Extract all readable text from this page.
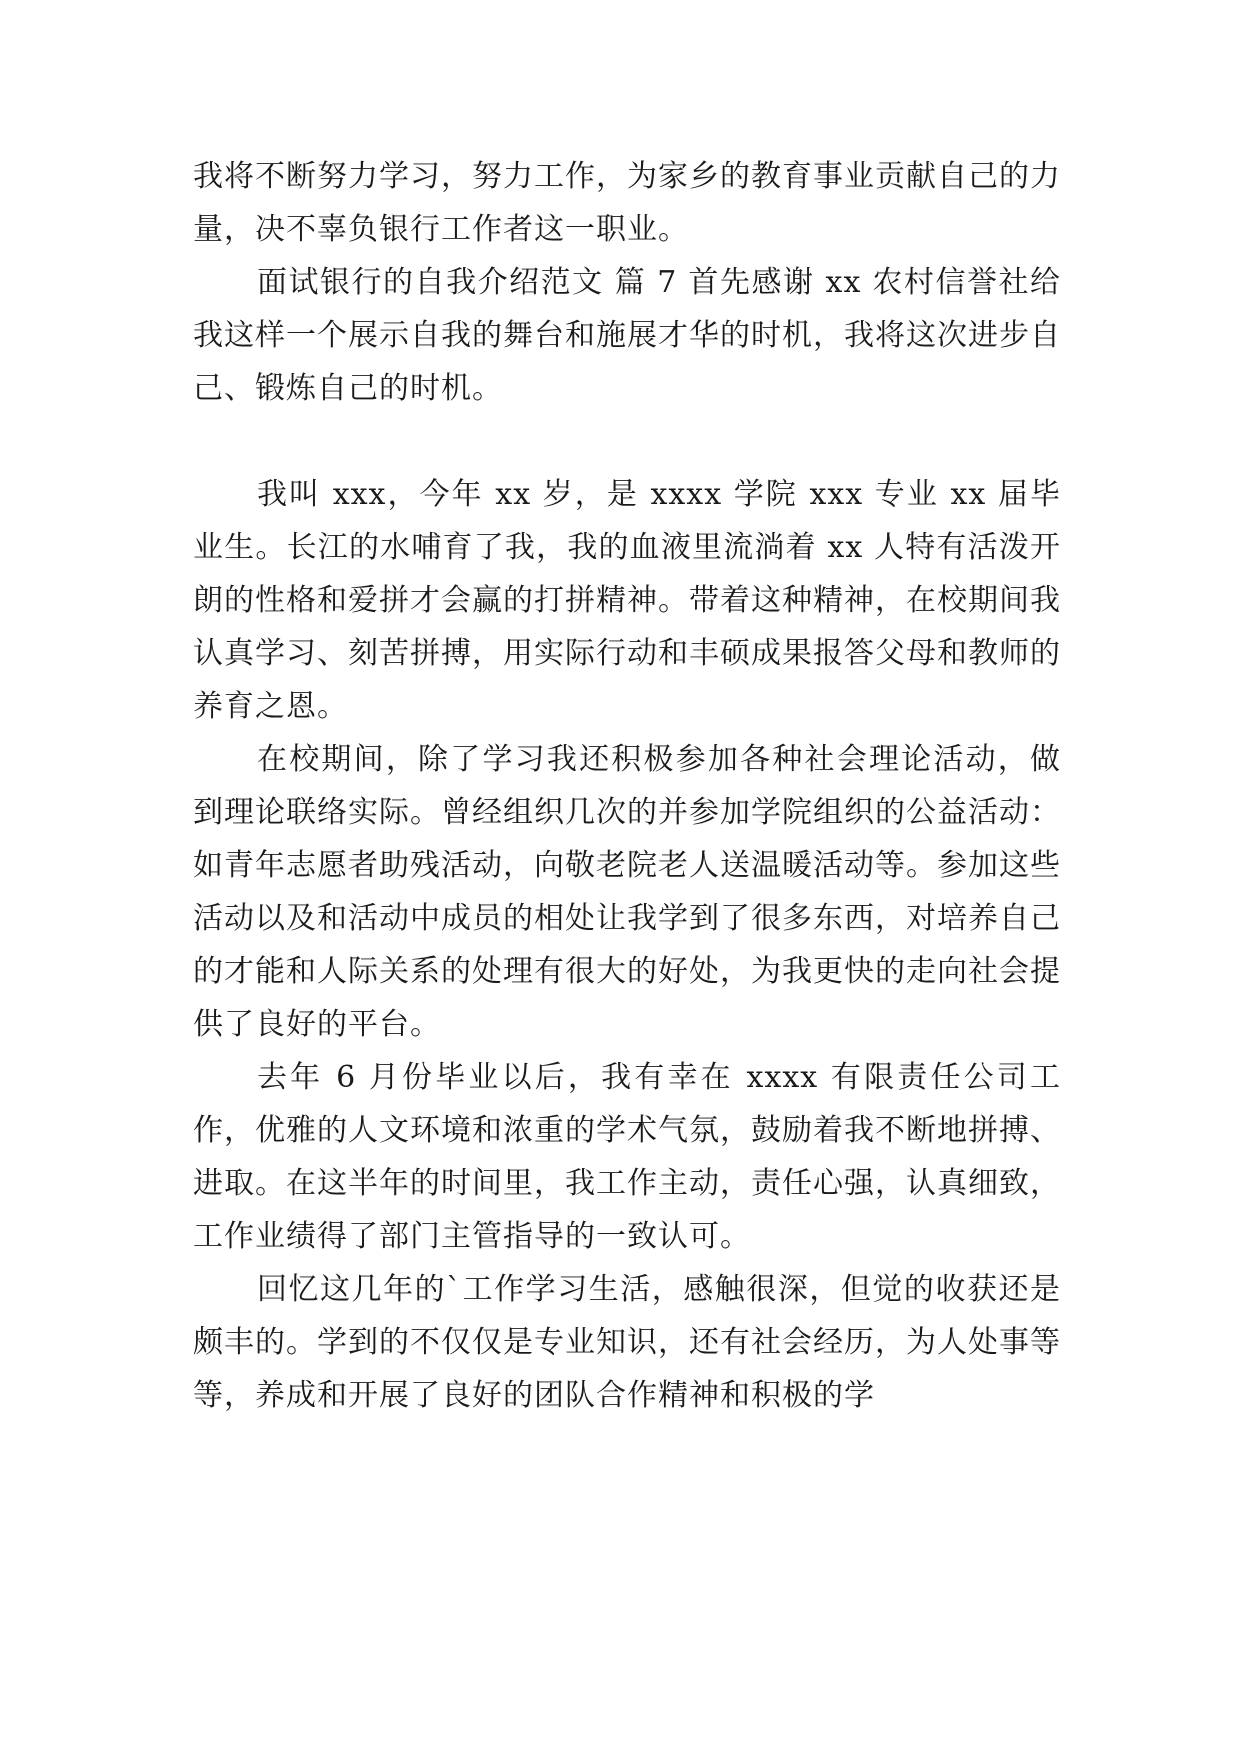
我将不断努力学习，努力工作，为家乡的教育事业贡献自己的力量，决不辜负银行工作者这一职业。

面试银行的自我介绍范文 篇 7 首先感谢 xx 农村信誉社给我这样一个展示自我的舞台和施展才华的时机，我将这次进步自己、锻炼自己的时机。

我叫 xxx，今年 xx 岁，是 xxxx 学院 xxx 专业 xx 届毕业生。长江的水哺育了我，我的血液里流淌着 xx 人特有活泼开朗的性格和爱拼才会赢的打拼精神。带着这种精神，在校期间我认真学习、刻苦拼搏，用实际行动和丰硕成果报答父母和教师的养育之恩。

在校期间，除了学习我还积极参加各种社会理论活动，做到理论联络实际。曾经组织几次的并参加学院组织的公益活动：如青年志愿者助残活动，向敬老院老人送温暖活动等。参加这些活动以及和活动中成员的相处让我学到了很多东西，对培养自己的才能和人际关系的处理有很大的好处，为我更快的走向社会提供了良好的平台。

去年 6 月份毕业以后，我有幸在 xxxx 有限责任公司工作，优雅的人文环境和浓重的学术气氛，鼓励着我不断地拼搏、进取。在这半年的时间里，我工作主动，责任心强，认真细致，工作业绩得了部门主管指导的一致认可。

回忆这几年的`工作学习生活，感触很深，但觉的收获还是颇丰的。学到的不仅仅是专业知识，还有社会经历，为人处事等等，养成和开展了良好的团队合作精神和积极的学
